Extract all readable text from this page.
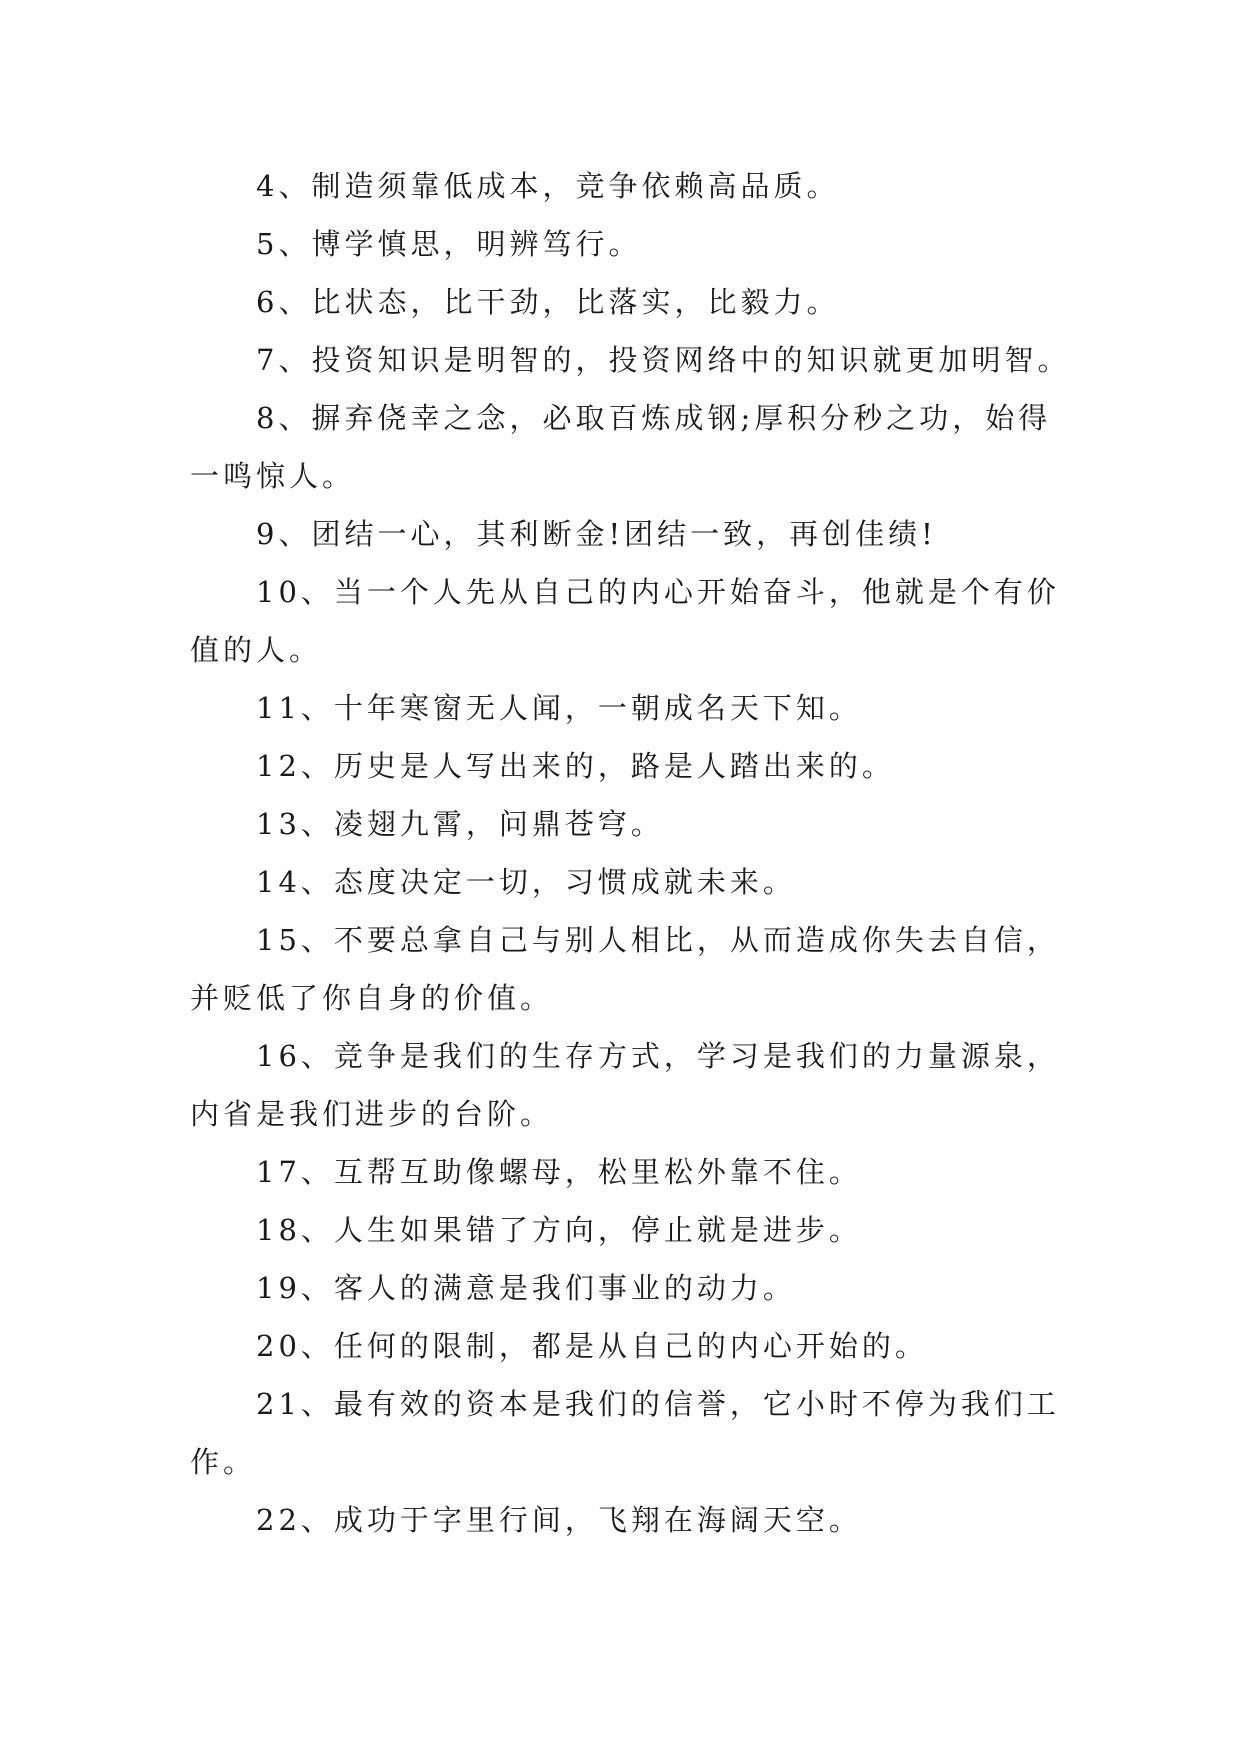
4、制造须靠低成本，竞争依赖高品质。

5、博学慎思，明辨笃行。

6、比状态，比干劲，比落实，比毅力。

7、投资知识是明智的，投资网络中的知识就更加明智。

8、摒弃侥幸之念，必取百炼成钢;厚积分秒之功，始得一鸣惊人。

9、团结一心，其利断金!团结一致，再创佳绩!

10、当一个人先从自己的内心开始奋斗，他就是个有价值的人。

11、十年寒窗无人闻，一朝成名天下知。

12、历史是人写出来的，路是人踏出来的。

13、凌翅九霄，问鼎苍穹。

14、态度决定一切，习惯成就未来。

15、不要总拿自己与别人相比，从而造成你失去自信，并贬低了你自身的价值。

16、竞争是我们的生存方式，学习是我们的力量源泉，内省是我们进步的台阶。

17、互帮互助像螺母，松里松外靠不住。

18、人生如果错了方向，停止就是进步。

19、客人的满意是我们事业的动力。

20、任何的限制，都是从自己的内心开始的。

21、最有效的资本是我们的信誉，它小时不停为我们工作。

22、成功于字里行间，飞翔在海阔天空。
